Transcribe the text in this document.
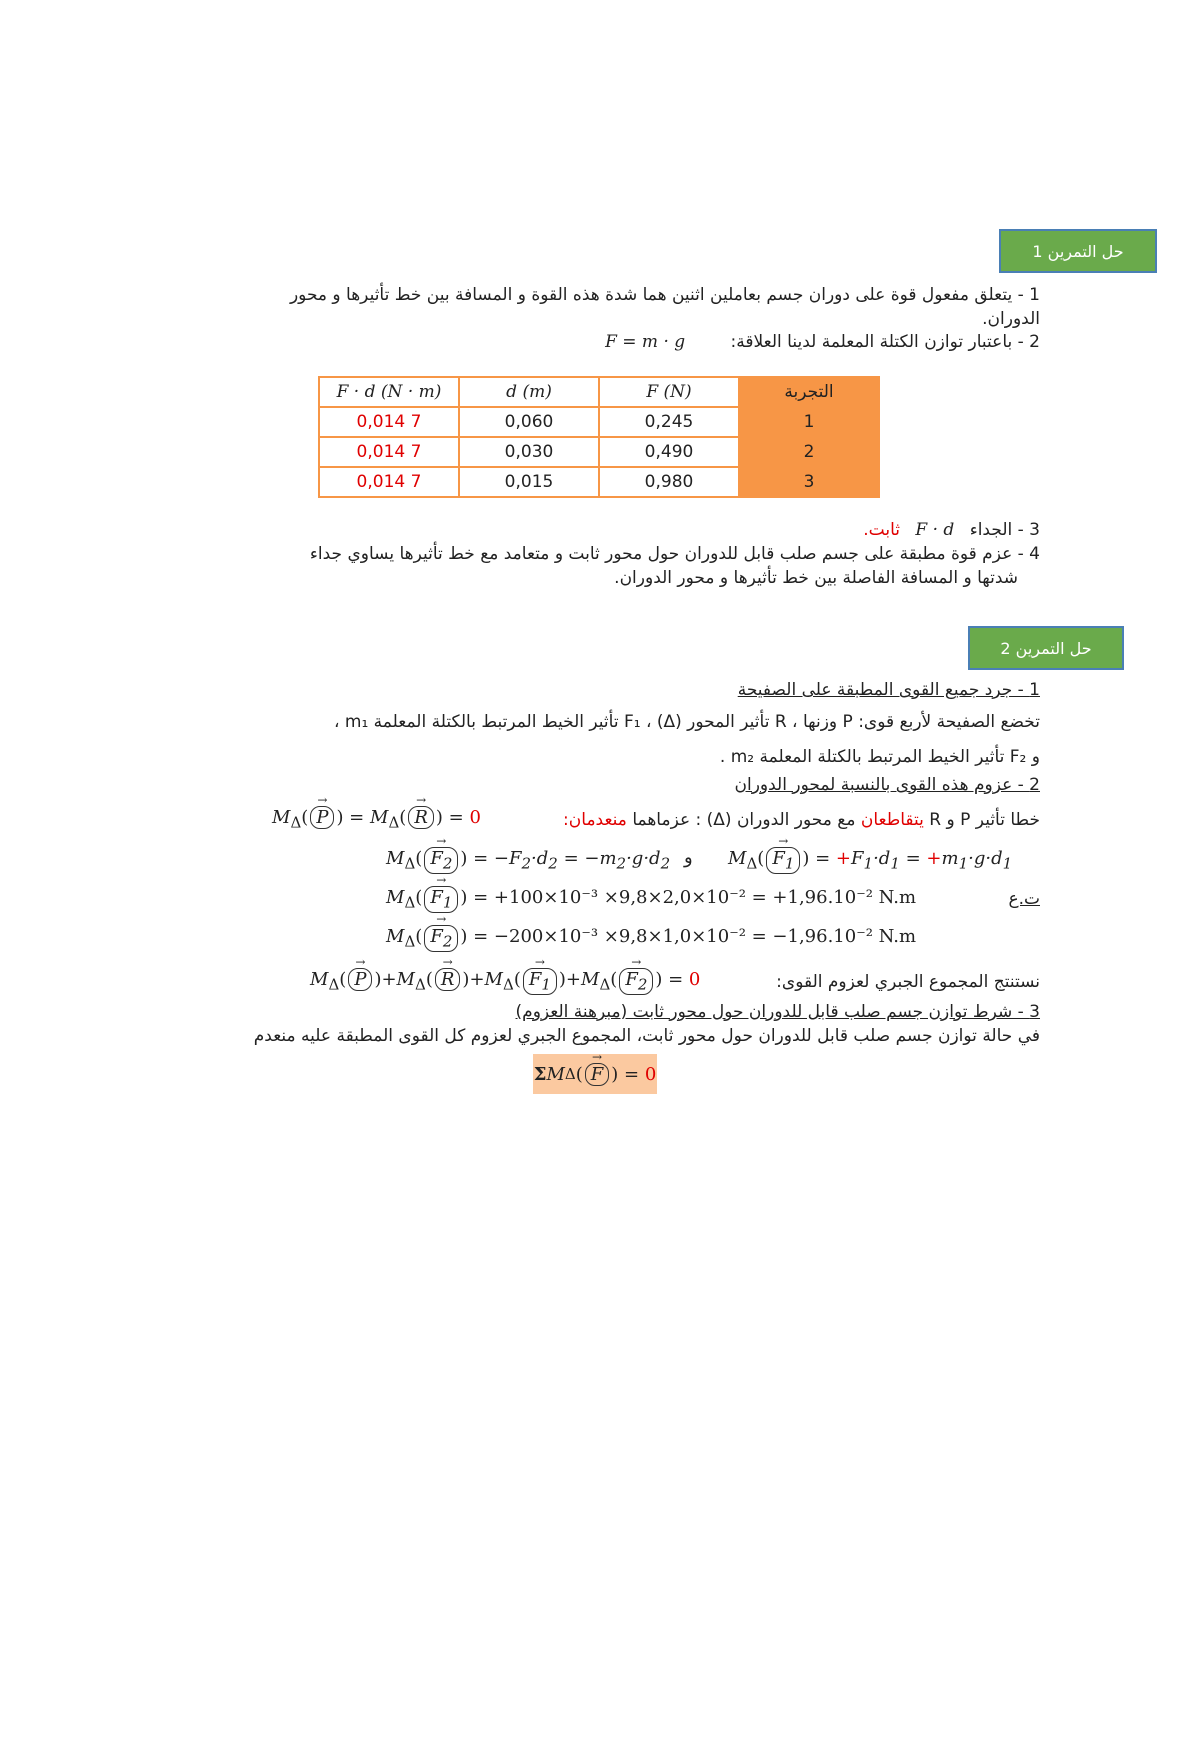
حل التمرين 1
1 - يتعلق مفعول قوة على دوران جسم بعاملين اثنين هما شدة هذه القوة و المسافة بين خط تأثيرها و محور
الدوران.
2 - باعتبار توازن الكتلة المعلمة لدينا العلاقة: F = m · g
F · d (N · m)	d (m)	F (N)	التجربة
0,014 7	0,060	0,245	1
0,014 7	0,030	0,490	2
0,014 7	0,015	0,980	3
3 - الجداء F · d ثابت.
4 - عزم قوة مطبقة على جسم صلب قابل للدوران حول محور ثابت و متعامد مع خط تأثيرها يساوي جداء
شدتها و المسافة الفاصلة بين خط تأثيرها و محور الدوران.
حل التمرين 2
1 - جرد جميع القوى المطبقة على الصفيحة
تخضع الصفيحة لأربع قوى: P وزنها ، R تأثير المحور (Δ) ، F₁ تأثير الخيط المرتبط بالكتلة المعلمة m₁ ،
و F₂ تأثير الخيط المرتبط بالكتلة المعلمة m₂ .
2 - عزوم هذه القوى بالنسبة لمحور الدوران
خطا تأثير P و R يتقاطعان مع محور الدوران (Δ) : عزماهما منعدمان:
$M_\Delta( \to P$ ) = $M_\Delta( \to R$ ) = 0
$M_\Delta( \to F_2$ ) = $-F_2\cdot d_2 = -m_2\cdot g\cdot d_2$ و $M_\Delta( \to F_1$ ) = $+F_1\cdot d_1 = +m_1\cdot g\cdot d_1$
ت.ع
$M_\Delta( \to F_1$ ) = +100×10⁻³ ×9,8×2,0×10⁻² = +1,96.10⁻² N.m
$M_\Delta( \to F_2$ ) = −200×10⁻³ ×9,8×1,0×10⁻² = −1,96.10⁻² N.m
نستنتج المجموع الجبري لعزوم القوى:
$M_\Delta( \to P$ )$+M_\Delta( \to R$ )$+M_\Delta( \to F_1$ )$+M_\Delta( \to F_2$ ) = 0
3 - شرط توازن جسم صلب قابل للدوران حول محور ثابت (مبرهنة العزوم)
في حالة توازن جسم صلب قابل للدوران حول محور ثابت، المجموع الجبري لعزوم كل القوى المطبقة عليه منعدم
Σ M Δ ( → F ) = 0
